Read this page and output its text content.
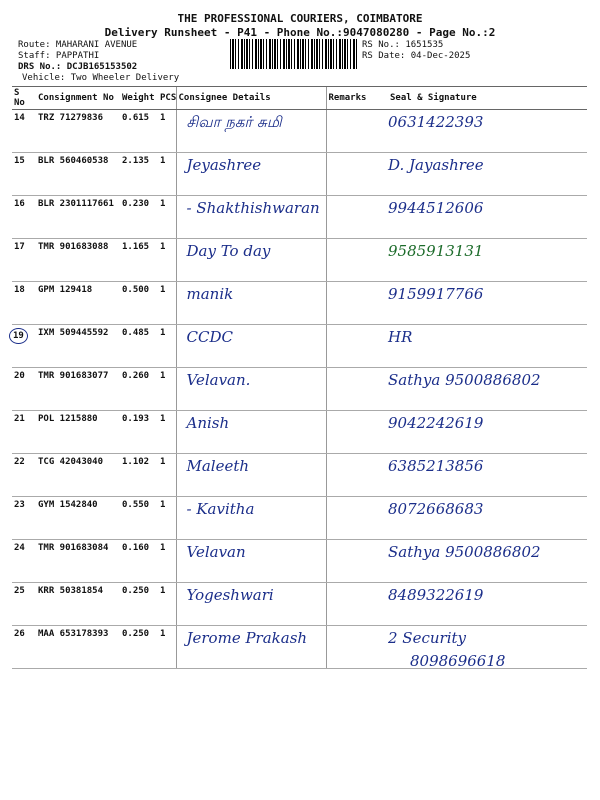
THE PROFESSIONAL COURIERS, COIMBATORE
Delivery Runsheet - P41 - Phone No.:9047080280 - Page No.:2
Route: MAHARANI AVENUE
Staff: PAPPATHI
DRS No.: DCJB165153502
Vehicle: Two Wheeler Delivery
RS No.: 1651535
RS Date: 04-Dec-2025
S No	Consignment No	Weight	PCS	Consignee Details	Remarks	Seal & Signature
14	TRZ 71279836	0.615	1	சிவா நகர் சுமி		0631422393
15	BLR 560460538	2.135	1	Jeyashree		D. Jayashree
16	BLR 2301117661	0.230	1	- Shakthishwaran		9944512606
17	TMR 901683088	1.165	1	Day To day		9585913131
18	GPM 129418	0.500	1	manik		9159917766
19	IXM 509445592	0.485	1	CCDC		HR
20	TMR 901683077	0.260	1	Velavan.		Sathya 9500886802
21	POL 1215880	0.193	1	Anish		9042242619
22	TCG 42043040	1.102	1	Maleeth		6385213856
23	GYM 1542840	0.550	1	- Kavitha		8072668683
24	TMR 901683084	0.160	1	Velavan		Sathya 9500886802
25	KRR 50381854	0.250	1	Yogeshwari		8489322619
26	MAA 653178393	0.250	1	Jerome Prakash		2 Security
8098696618
